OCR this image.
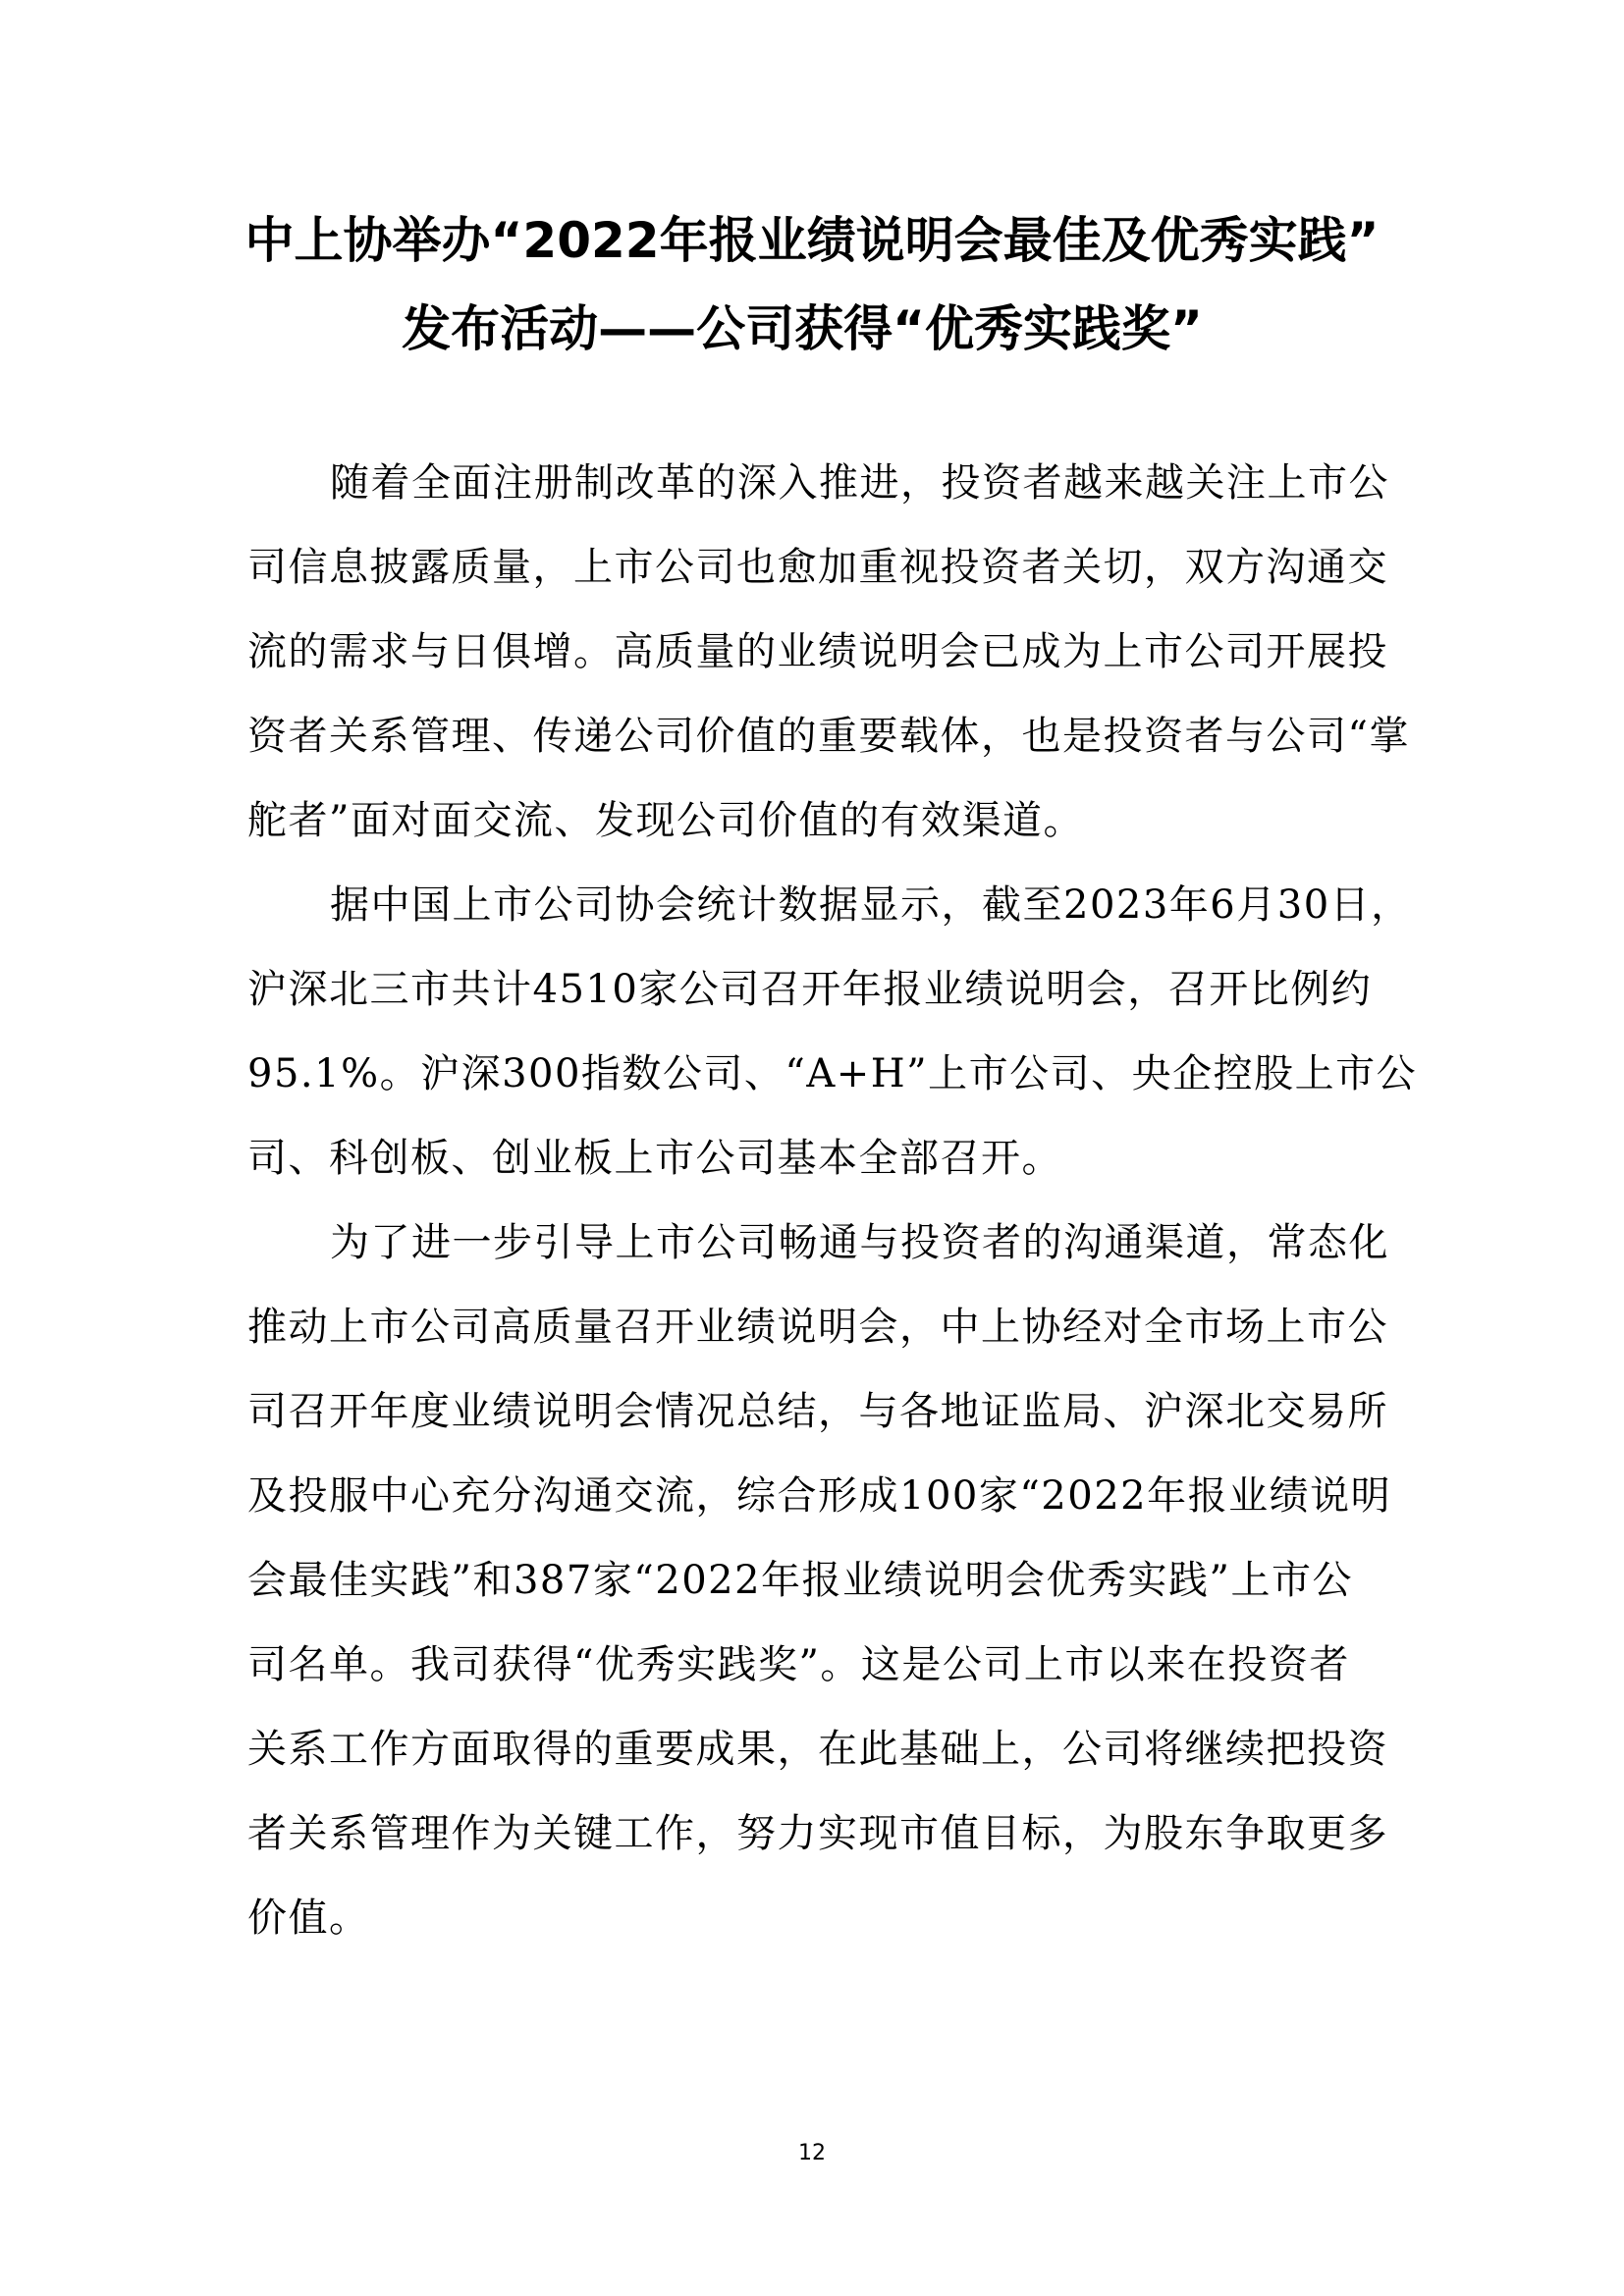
中上协举办“2022年报业绩说明会最佳及优秀实践”
发布活动——公司获得“优秀实践奖”
随着全面注册制改革的深入推进，投资者越来越关注上市公
司信息披露质量，上市公司也愈加重视投资者关切，双方沟通交
流的需求与日俱增。高质量的业绩说明会已成为上市公司开展投
资者关系管理、传递公司价值的重要载体，也是投资者与公司“掌
舵者”面对面交流、发现公司价值的有效渠道。
据中国上市公司协会统计数据显示，截至2023年6月30日，
沪深北三市共计4510家公司召开年报业绩说明会，召开比例约
95.1%。沪深300指数公司、“A+H”上市公司、央企控股上市公
司、科创板、创业板上市公司基本全部召开。
为了进一步引导上市公司畅通与投资者的沟通渠道，常态化
推动上市公司高质量召开业绩说明会，中上协经对全市场上市公
司召开年度业绩说明会情况总结，与各地证监局、沪深北交易所
及投服中心充分沟通交流，综合形成100家“2022年报业绩说明
会最佳实践”和387家“2022年报业绩说明会优秀实践”上市公
司名单。我司获得“优秀实践奖”。这是公司上市以来在投资者
关系工作方面取得的重要成果，在此基础上，公司将继续把投资
者关系管理作为关键工作，努力实现市值目标，为股东争取更多
价值。
12
